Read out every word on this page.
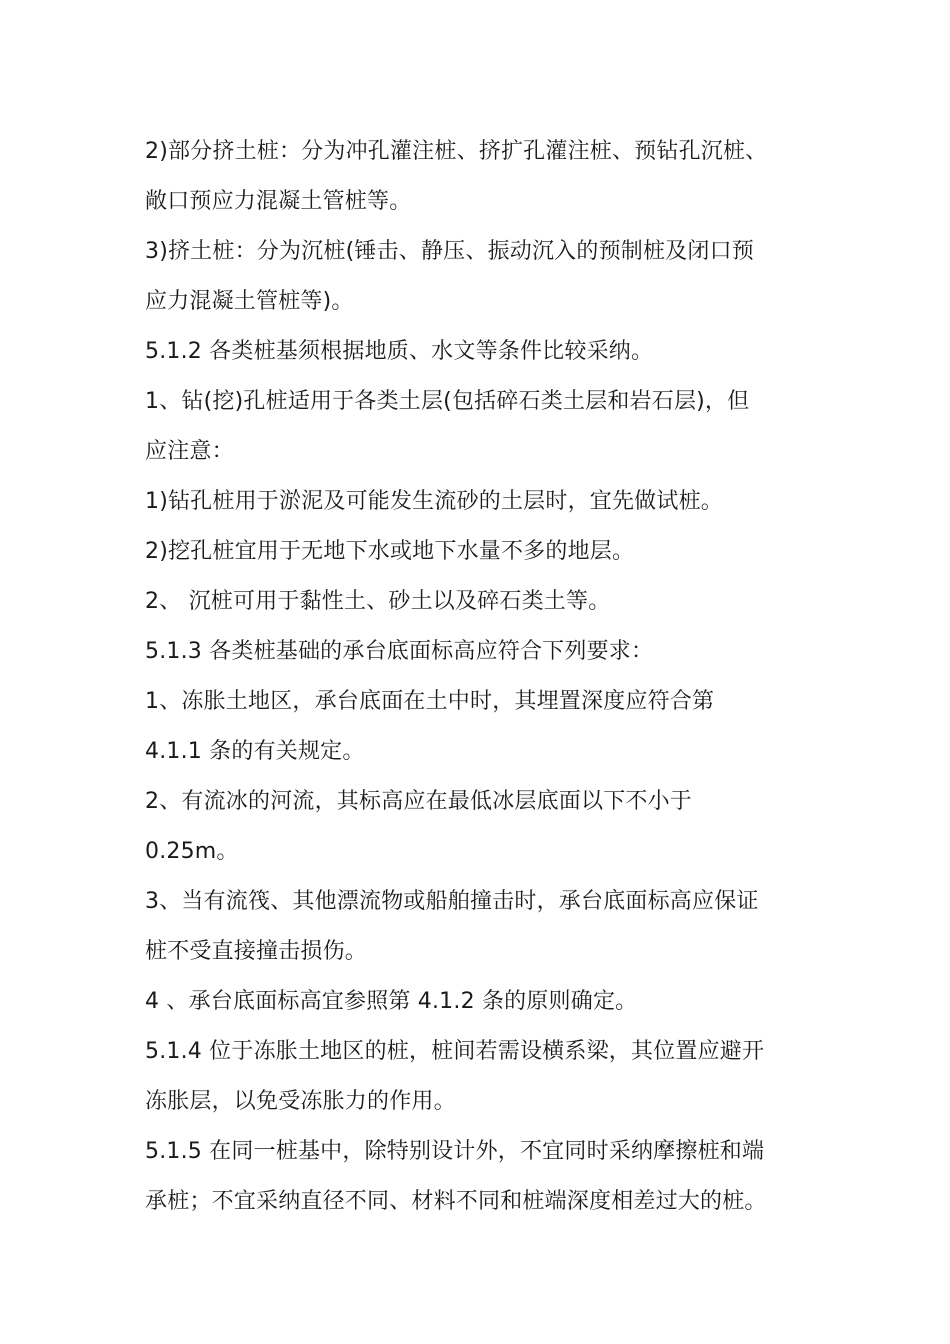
2)部分挤土桩：分为冲孔灌注桩、挤扩孔灌注桩、预钻孔沉桩、
敞口预应力混凝土管桩等。
3)挤土桩：分为沉桩(锤击、静压、振动沉入的预制桩及闭口预
应力混凝土管桩等)。
5.1.2 各类桩基须根据地质、水文等条件比较采纳。
1、钻(挖)孔桩适用于各类土层(包括碎石类土层和岩石层)，但
应注意：
1)钻孔桩用于淤泥及可能发生流砂的土层时，宜先做试桩。
2)挖孔桩宜用于无地下水或地下水量不多的地层。
2、 沉桩可用于黏性土、砂土以及碎石类土等。
5.1.3 各类桩基础的承台底面标高应符合下列要求：
1、冻胀土地区，承台底面在土中时，其埋置深度应符合第
4.1.1 条的有关规定。
2、有流冰的河流，其标高应在最低冰层底面以下不小于
0.25m。
3、当有流筏、其他漂流物或船舶撞击时，承台底面标高应保证
桩不受直接撞击损伤。
4 、承台底面标高宜参照第 4.1.2 条的原则确定。
5.1.4 位于冻胀土地区的桩，桩间若需设横系梁，其位置应避开
冻胀层，以免受冻胀力的作用。
5.1.5 在同一桩基中，除特别设计外，不宜同时采纳摩擦桩和端
承桩；不宜采纳直径不同、材料不同和桩端深度相差过大的桩。
